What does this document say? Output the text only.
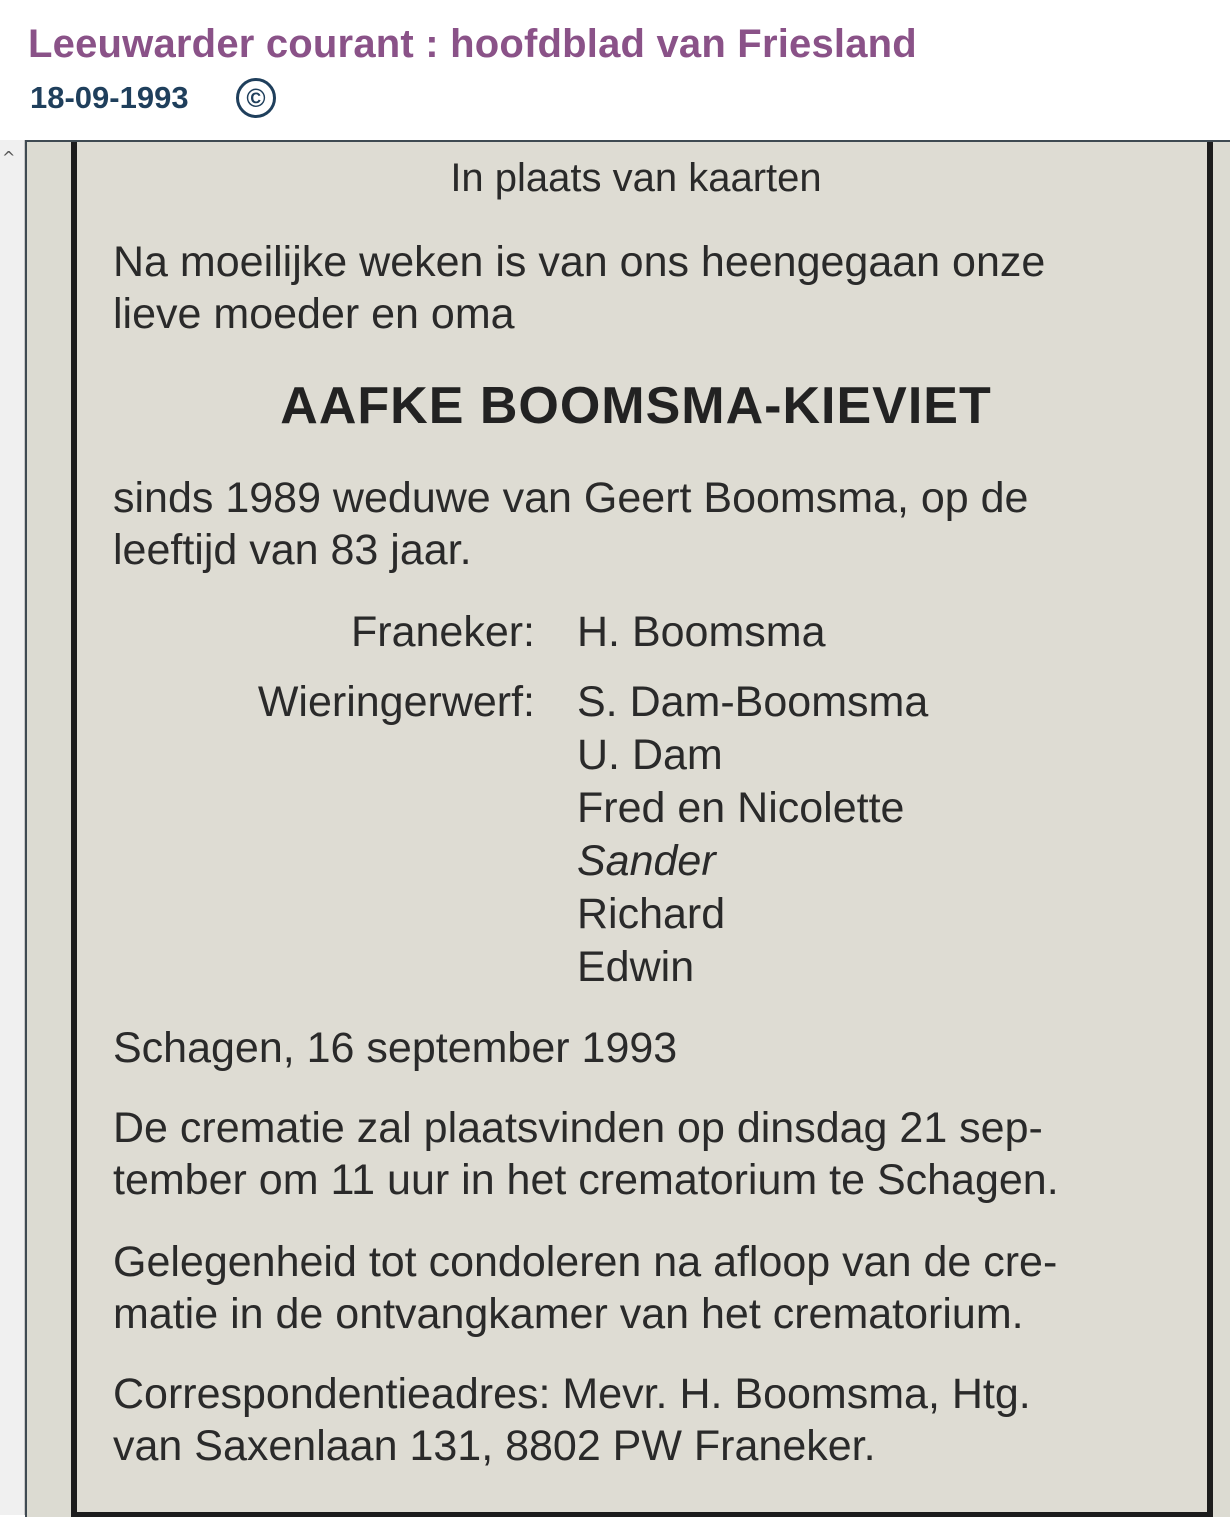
Leeuwarder courant : hoofdblad van Friesland
18-09-1993	©
^	In plaats van kaarten
Na moeilijke weken is van ons heengegaan onze
lieve moeder en oma
AAFKE BOOMSMA-KIEVIET
sinds 1989 weduwe van Geert Boomsma, op de
leeftijd van 83 jaar.
Franeker: H. Boomsma
Wieringerwerf: S. Dam-Boomsma
U. Dam
Fred en Nicolette
Sander
Richard
Edwin
Schagen, 16 september 1993
De crematie zal plaatsvinden op dinsdag 21 sep-
tember om 11 uur in het crematorium te Schagen.
Gelegenheid tot condoleren na afloop van de cre-
matie in de ontvangkamer van het crematorium.
Correspondentieadres: Mevr. H. Boomsma, Htg.
van Saxenlaan 131, 8802 PW Franeker.
